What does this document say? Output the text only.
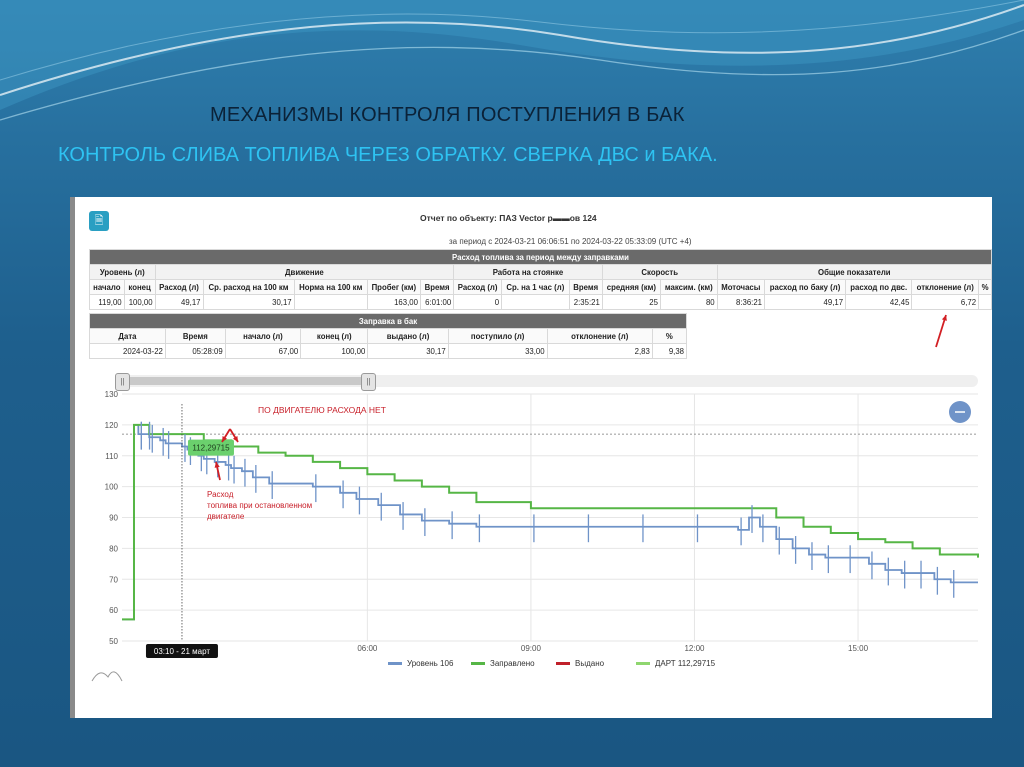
МЕХАНИЗМЫ КОНТРОЛЯ ПОСТУПЛЕНИЯ В БАК
КОНТРОЛЬ СЛИВА ТОПЛИВА ЧЕРЕЗ ОБРАТКУ. СВЕРКА ДВС и БАКА.
🗎	Отчет по объекту: ПАЗ Vector р▬▬ов 124
за период с 2024-03-21 06:06:51 по 2024-03-22 05:33:09 (UTC +4)
Расход топлива за период между заправками																
Уровень (л)		Движение					Работа на стоянке			Скорость		Общие показатели				
начало	конец	Расход (л)	Ср. расход на 100 км	Норма на 100 км	Пробег (км)	Время	Расход (л)	Ср. на 1 час (л)	Время	средняя (км)	максим. (км)	Моточасы	расход по баку (л)	расход по двс.	отклонение (л)	%
119,00	100,00	49,17	30,17		163,00	6:01:00	0		2:35:21	25	80	8:36:21	49,17	42,45	6,72	
Заправка в бак							
Дата	Время	начало (л)	конец (л)	выдано (л)	поступило (л)	отклонение (л)	%
2024-03-22	05:28:09	67,00	100,00	30,17	33,00	2,83	9,38
||	||
50
60
70
80
90
100
110
120
130
06:00	09:00	12:00	15:00
03:10 - 21 март
112,29715
ПО ДВИГАТЕЛЮ РАСХОДА НЕТ
Расход топлива при остановленном двигателе
Уровень 106	Заправлено	Выдано	ДАРТ 112,29715
